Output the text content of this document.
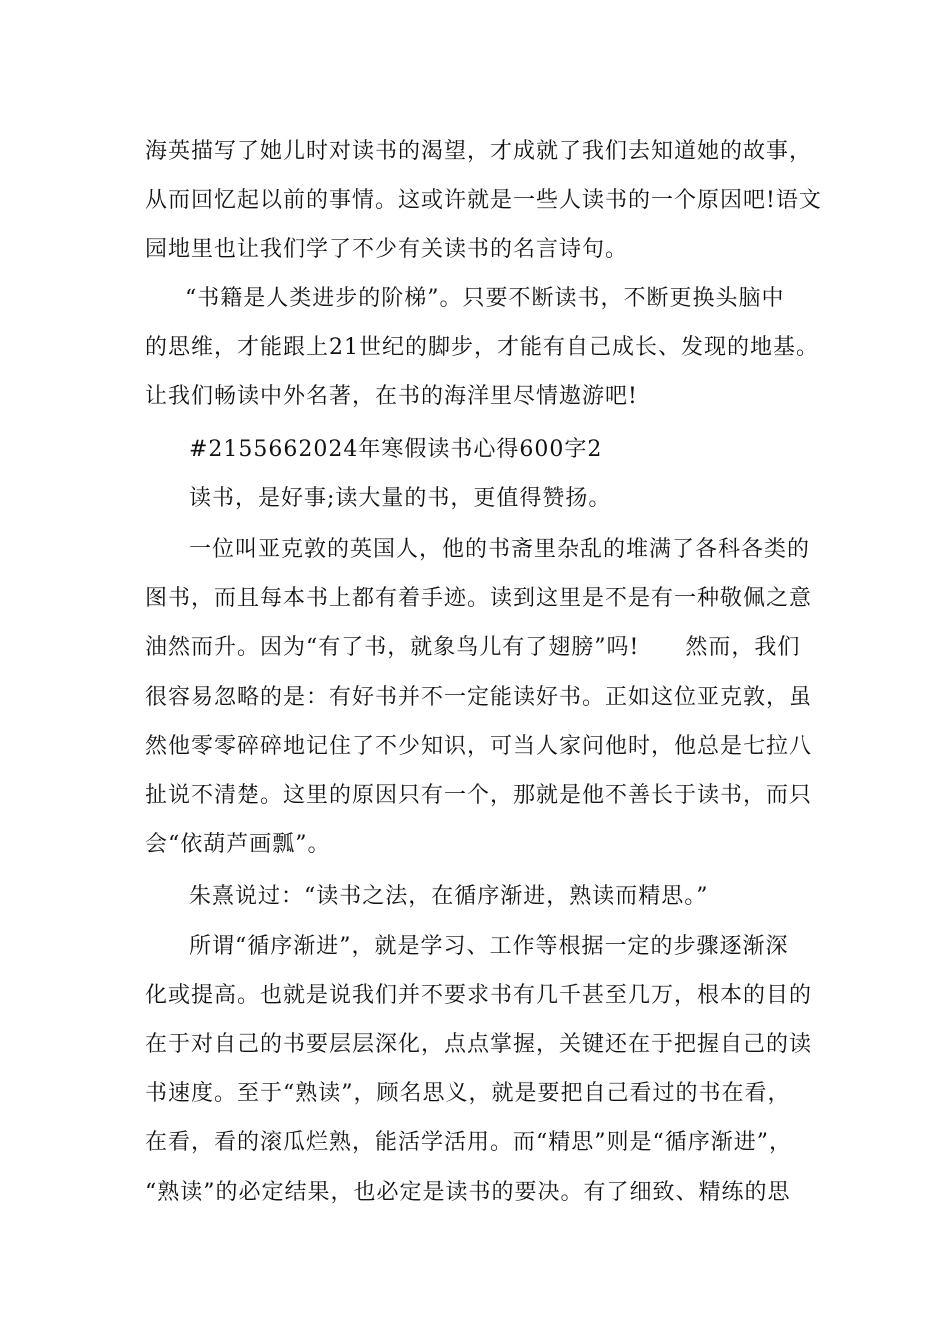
海英描写了她儿时对读书的渴望，才成就了我们去知道她的故事，
从而回忆起以前的事情。这或许就是一些人读书的一个原因吧!语文
园地里也让我们学了不少有关读书的名言诗句。
“书籍是人类进步的阶梯”。只要不断读书，不断更换头脑中
的思维，才能跟上21世纪的脚步，才能有自己成长、发现的地基。
让我们畅读中外名著，在书的海洋里尽情遨游吧!
#2155662024年寒假读书心得600字2
读书，是好事;读大量的书，更值得赞扬。
一位叫亚克敦的英国人，他的书斋里杂乱的堆满了各科各类的
图书，而且每本书上都有着手迹。读到这里是不是有一种敬佩之意
油然而升。因为“有了书，就象鸟儿有了翅膀”吗!　　然而，我们
很容易忽略的是：有好书并不一定能读好书。正如这位亚克敦，虽
然他零零碎碎地记住了不少知识，可当人家问他时，他总是七拉八
扯说不清楚。这里的原因只有一个，那就是他不善长于读书，而只
会“依葫芦画瓢”。
朱熹说过：“读书之法，在循序渐进，熟读而精思。”
所谓“循序渐进”，就是学习、工作等根据一定的步骤逐渐深
化或提高。也就是说我们并不要求书有几千甚至几万，根本的目的
在于对自己的书要层层深化，点点掌握，关键还在于把握自己的读
书速度。至于“熟读”，顾名思义，就是要把自己看过的书在看，
在看，看的滚瓜烂熟，能活学活用。而“精思”则是“循序渐进”，
“熟读”的必定结果，也必定是读书的要决。有了细致、精练的思
